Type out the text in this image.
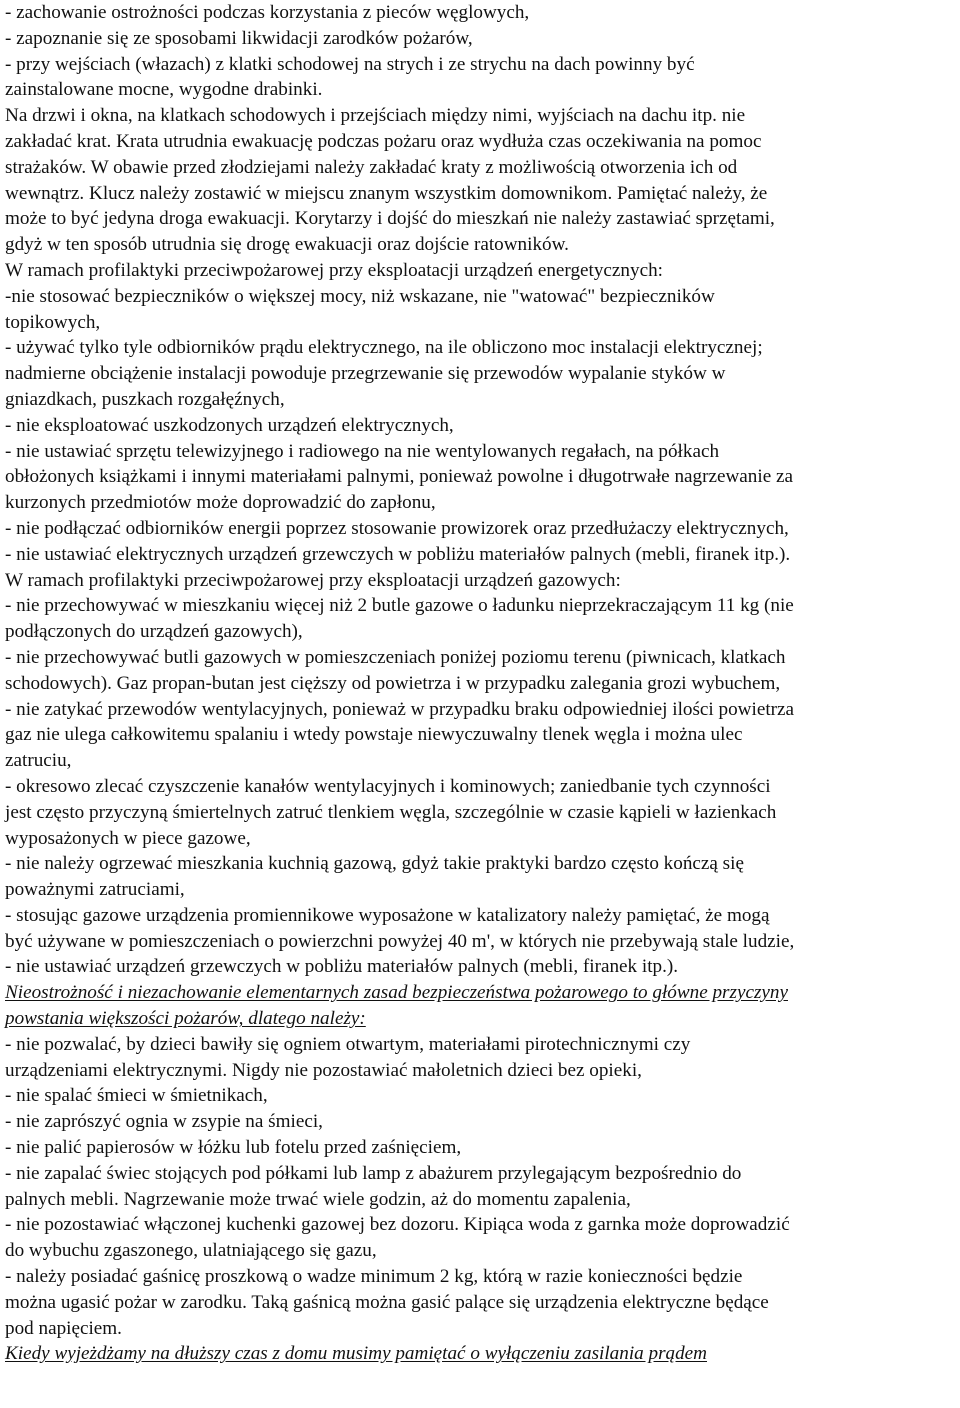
- zachowanie ostrożności podczas korzystania z pieców węglowych,
- zapoznanie się ze sposobami likwidacji zarodków pożarów,
- przy wejściach (włazach) z klatki schodowej na strych i ze strychu na dach powinny być
zainstalowane mocne, wygodne drabinki.
Na drzwi i okna, na klatkach schodowych i przejściach między nimi, wyjściach na dachu itp. nie
zakładać krat. Krata utrudnia ewakuację podczas pożaru oraz wydłuża czas oczekiwania na pomoc
strażaków. W obawie przed złodziejami należy zakładać kraty z możliwością otworzenia ich od
wewnątrz. Klucz należy zostawić w miejscu znanym wszystkim domownikom. Pamiętać należy, że
może to być jedyna droga ewakuacji. Korytarzy i dojść do mieszkań nie należy zastawiać sprzętami,
gdyż w ten sposób utrudnia się drogę ewakuacji oraz dojście ratowników.
W ramach profilaktyki przeciwpożarowej przy eksploatacji urządzeń energetycznych:
-nie stosować bezpieczników o większej mocy, niż wskazane, nie "watować" bezpieczników
topikowych,
- używać tylko tyle odbiorników prądu elektrycznego, na ile obliczono moc instalacji elektrycznej;
nadmierne obciążenie instalacji powoduje przegrzewanie się przewodów wypalanie styków w
gniazdkach, puszkach rozgałęźnych,
- nie eksploatować uszkodzonych urządzeń elektrycznych,
- nie ustawiać sprzętu telewizyjnego i radiowego na nie wentylowanych regałach, na półkach
obłożonych książkami i innymi materiałami palnymi, ponieważ powolne i długotrwałe nagrzewanie za
kurzonych przedmiotów może doprowadzić do zapłonu,
- nie podłączać odbiorników energii poprzez stosowanie prowizorek oraz przedłużaczy elektrycznych,
- nie ustawiać elektrycznych urządzeń grzewczych w pobliżu materiałów palnych (mebli, firanek itp.).
W ramach profilaktyki przeciwpożarowej przy eksploatacji urządzeń gazowych:
- nie przechowywać w mieszkaniu więcej niż 2 butle gazowe o ładunku nieprzekraczającym 11 kg (nie
podłączonych do urządzeń gazowych),
- nie przechowywać butli gazowych w pomieszczeniach poniżej poziomu terenu (piwnicach, klatkach
schodowych). Gaz propan-butan jest cięższy od powietrza i w przypadku zalegania grozi wybuchem,
- nie zatykać przewodów wentylacyjnych, ponieważ w przypadku braku odpowiedniej ilości powietrza
gaz nie ulega całkowitemu spalaniu i wtedy powstaje niewyczuwalny tlenek węgla i można ulec
zatruciu,
- okresowo zlecać czyszczenie kanałów wentylacyjnych i kominowych; zaniedbanie tych czynności
jest często przyczyną śmiertelnych zatruć tlenkiem węgla, szczególnie w czasie kąpieli w łazienkach
wyposażonych w piece gazowe,
- nie należy ogrzewać mieszkania kuchnią gazową, gdyż takie praktyki bardzo często kończą się
poważnymi zatruciami,
- stosując gazowe urządzenia promiennikowe wyposażone w katalizatory należy pamiętać, że mogą
być używane w pomieszczeniach o powierzchni powyżej 40 m', w których nie przebywają stale ludzie,
- nie ustawiać urządzeń grzewczych w pobliżu materiałów palnych (mebli, firanek itp.).
Nieostrożność i niezachowanie elementarnych zasad bezpieczeństwa pożarowego to główne przyczyny
powstania większości pożarów, dlatego należy:
- nie pozwalać, by dzieci bawiły się ogniem otwartym, materiałami pirotechnicznymi czy
urządzeniami elektrycznymi. Nigdy nie pozostawiać małoletnich dzieci bez opieki,
- nie spalać śmieci w śmietnikach,
- nie zaprószyć ognia w zsypie na śmieci,
- nie palić papierosów w łóżku lub fotelu przed zaśnięciem,
- nie zapalać świec stojących pod półkami lub lamp z abażurem przylegającym bezpośrednio do
palnych mebli. Nagrzewanie może trwać wiele godzin, aż do momentu zapalenia,
- nie pozostawiać włączonej kuchenki gazowej bez dozoru. Kipiąca woda z garnka może doprowadzić
do wybuchu zgaszonego, ulatniającego się gazu,
- należy posiadać gaśnicę proszkową o wadze minimum 2 kg, którą w razie konieczności będzie
można ugasić pożar w zarodku. Taką gaśnicą można gasić palące się urządzenia elektryczne będące
pod napięciem.
Kiedy wyjeżdżamy na dłuższy czas z domu musimy pamiętać o wyłączeniu zasilania prądem
